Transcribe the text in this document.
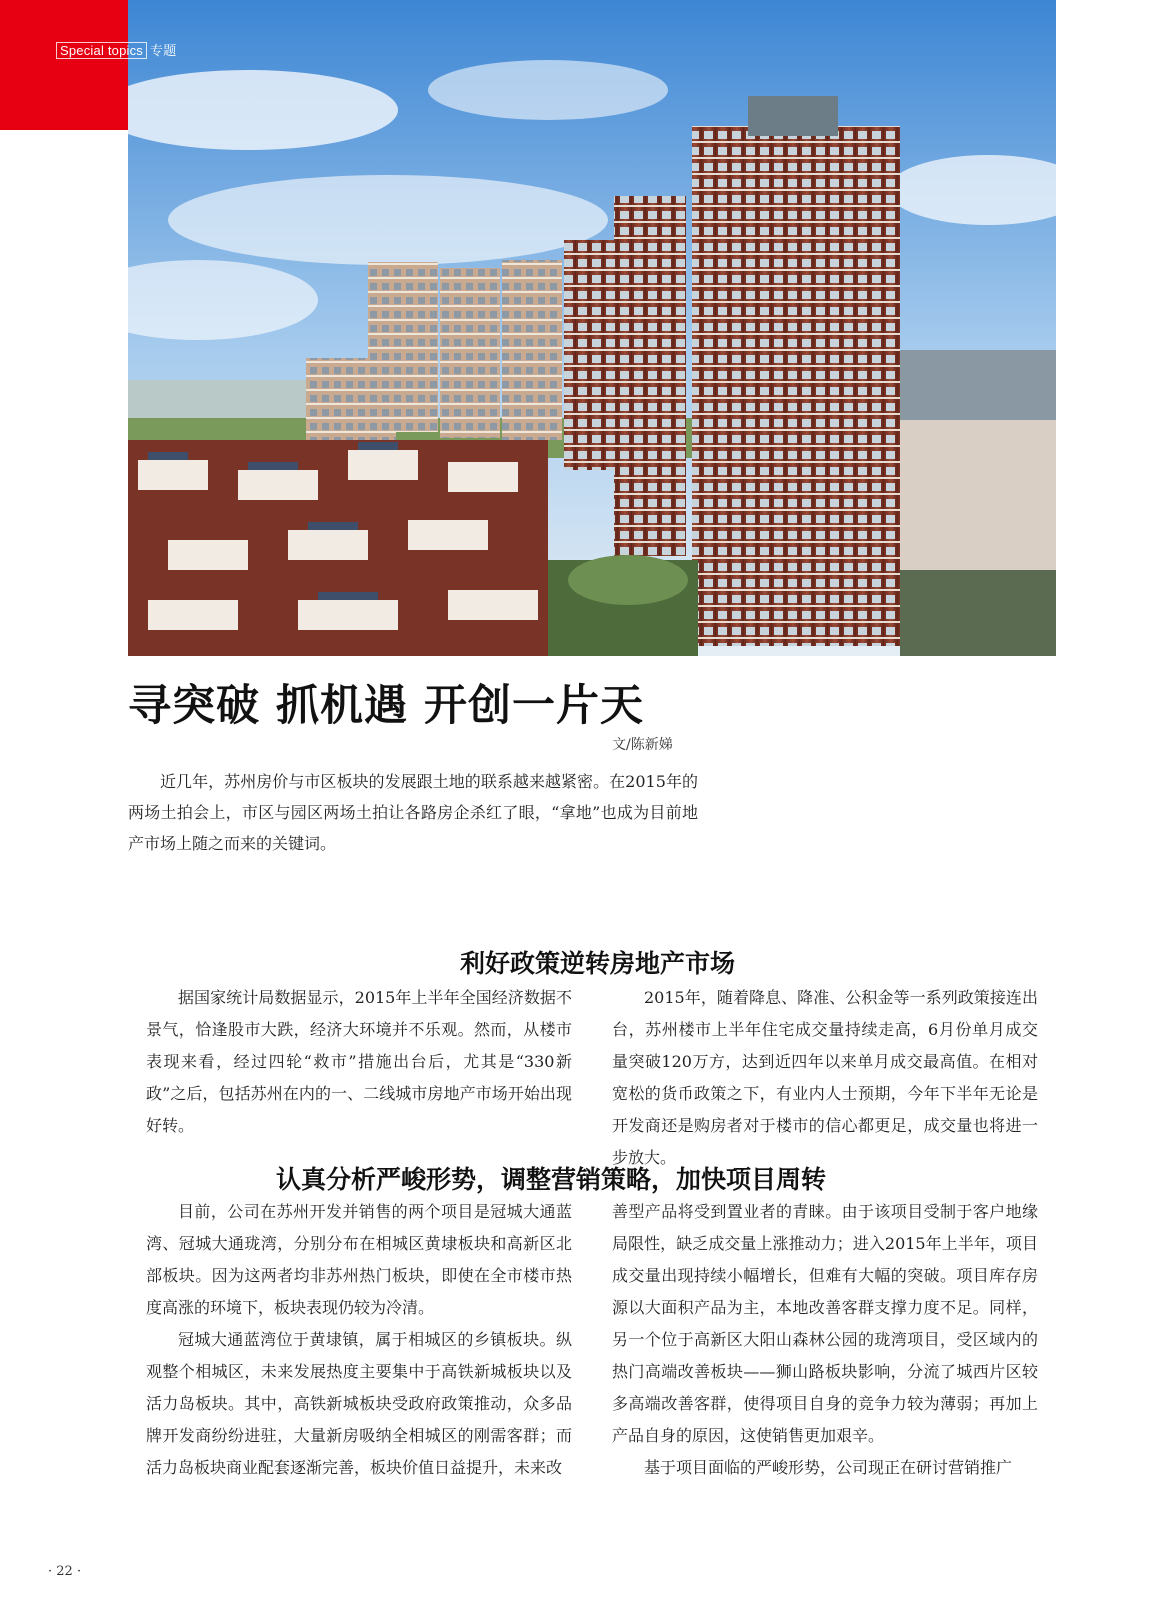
Special topics 专题
寻突破 抓机遇 开创一片天
文/陈新娣

近几年，苏州房价与市区板块的发展跟土地的联系越来越紧密。在2015年的两场土拍会上，市区与园区两场土拍让各路房企杀红了眼，“拿地”也成为目前地产市场上随之而来的关键词。

利好政策逆转房地产市场

据国家统计局数据显示，2015年上半年全国经济数据不景气，恰逢股市大跌，经济大环境并不乐观。然而，从楼市表现来看，经过四轮“救市”措施出台后，尤其是“330新政”之后，包括苏州在内的一、二线城市房地产市场开始出现好转。

2015年，随着降息、降准、公积金等一系列政策接连出台，苏州楼市上半年住宅成交量持续走高，6月份单月成交量突破120万方，达到近四年以来单月成交最高值。在相对宽松的货币政策之下，有业内人士预期，今年下半年无论是开发商还是购房者对于楼市的信心都更足，成交量也将进一步放大。

认真分析严峻形势，调整营销策略，加快项目周转

目前，公司在苏州开发并销售的两个项目是冠城大通蓝湾、冠城大通珑湾，分别分布在相城区黄埭板块和高新区北部板块。因为这两者均非苏州热门板块，即使在全市楼市热度高涨的环境下，板块表现仍较为冷清。

冠城大通蓝湾位于黄埭镇，属于相城区的乡镇板块。纵观整个相城区，未来发展热度主要集中于高铁新城板块以及活力岛板块。其中，高铁新城板块受政府政策推动，众多品牌开发商纷纷进驻，大量新房吸纳全相城区的刚需客群；而活力岛板块商业配套逐渐完善，板块价值日益提升，未来改

善型产品将受到置业者的青睐。由于该项目受制于客户地缘局限性，缺乏成交量上涨推动力；进入2015年上半年，项目成交量出现持续小幅增长，但难有大幅的突破。项目库存房源以大面积产品为主，本地改善客群支撑力度不足。同样，另一个位于高新区大阳山森林公园的珑湾项目，受区域内的热门高端改善板块——狮山路板块影响，分流了城西片区较多高端改善客群，使得项目自身的竞争力较为薄弱；再加上产品自身的原因，这使销售更加艰辛。

基于项目面临的严峻形势，公司现正在研讨营销推广

· 22 ·
